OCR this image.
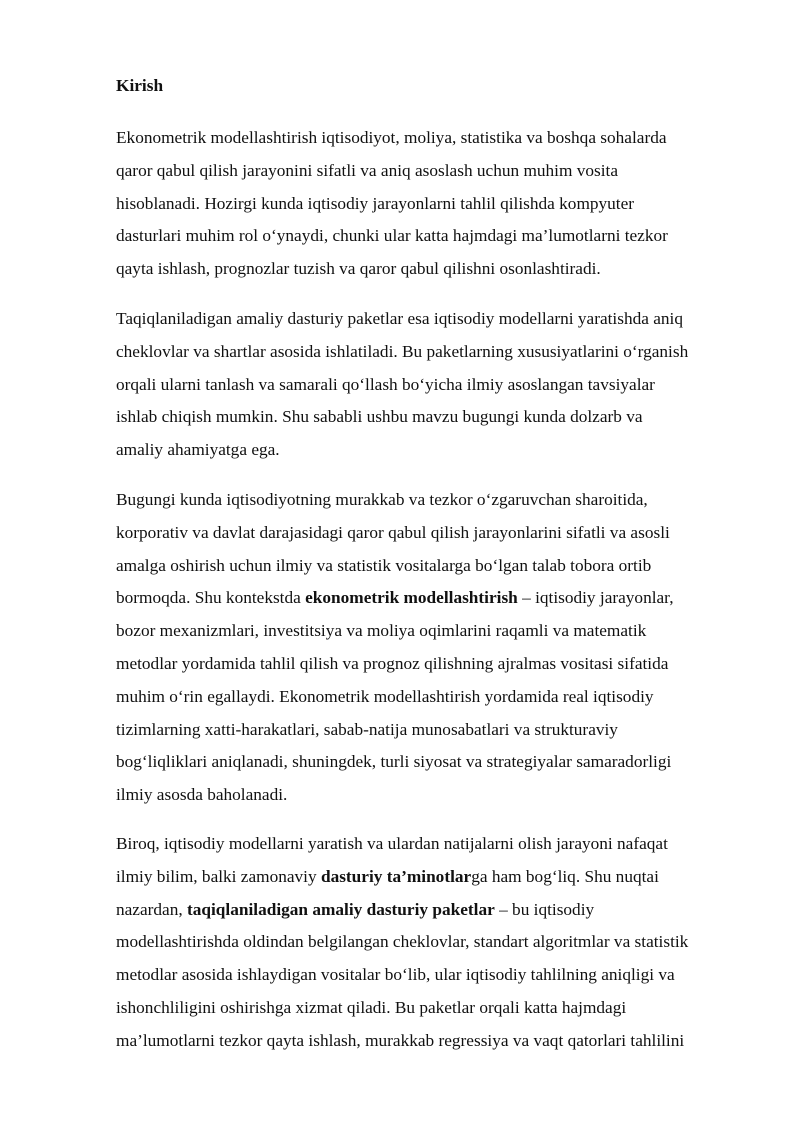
Kirish
Ekonometrik modellashtirish iqtisodiyot, moliya, statistika va boshqa sohalarda
qaror qabul qilish jarayonini sifatli va aniq asoslash uchun muhim vosita
hisoblanadi. Hozirgi kunda iqtisodiy jarayonlarni tahlil qilishda kompyuter
dasturlari muhim rol o‘ynaydi, chunki ular katta hajmdagi ma’lumotlarni tezkor
qayta ishlash, prognozlar tuzish va qaror qabul qilishni osonlashtiradi.
Taqiqlaniladigan amaliy dasturiy paketlar esa iqtisodiy modellarni yaratishda aniq
cheklovlar va shartlar asosida ishlatiladi. Bu paketlarning xususiyatlarini o‘rganish
orqali ularni tanlash va samarali qo‘llash bo‘yicha ilmiy asoslangan tavsiyalar
ishlab chiqish mumkin. Shu sababli ushbu mavzu bugungi kunda dolzarb va
amaliy ahamiyatga ega.
Bugungi kunda iqtisodiyotning murakkab va tezkor o‘zgaruvchan sharoitida,
korporativ va davlat darajasidagi qaror qabul qilish jarayonlarini sifatli va asosli
amalga oshirish uchun ilmiy va statistik vositalarga bo‘lgan talab tobora ortib
bormoqda. Shu kontekstda ekonometrik modellashtirish – iqtisodiy jarayonlar,
bozor mexanizmlari, investitsiya va moliya oqimlarini raqamli va matematik
metodlar yordamida tahlil qilish va prognoz qilishning ajralmas vositasi sifatida
muhim o‘rin egallaydi. Ekonometrik modellashtirish yordamida real iqtisodiy
tizimlarning xatti-harakatlari, sabab-natija munosabatlari va strukturaviy
bog‘liqliklari aniqlanadi, shuningdek, turli siyosat va strategiyalar samaradorligi
ilmiy asosda baholanadi.
Biroq, iqtisodiy modellarni yaratish va ulardan natijalarni olish jarayoni nafaqat
ilmiy bilim, balki zamonaviy dasturiy ta’minotlarga ham bog‘liq. Shu nuqtai
nazardan, taqiqlaniladigan amaliy dasturiy paketlar – bu iqtisodiy
modellashtirishda oldindan belgilangan cheklovlar, standart algoritmlar va statistik
metodlar asosida ishlaydigan vositalar bo‘lib, ular iqtisodiy tahlilning aniqligi va
ishonchliligini oshirishga xizmat qiladi. Bu paketlar orqali katta hajmdagi
ma’lumotlarni tezkor qayta ishlash, murakkab regressiya va vaqt qatorlari tahlilini
